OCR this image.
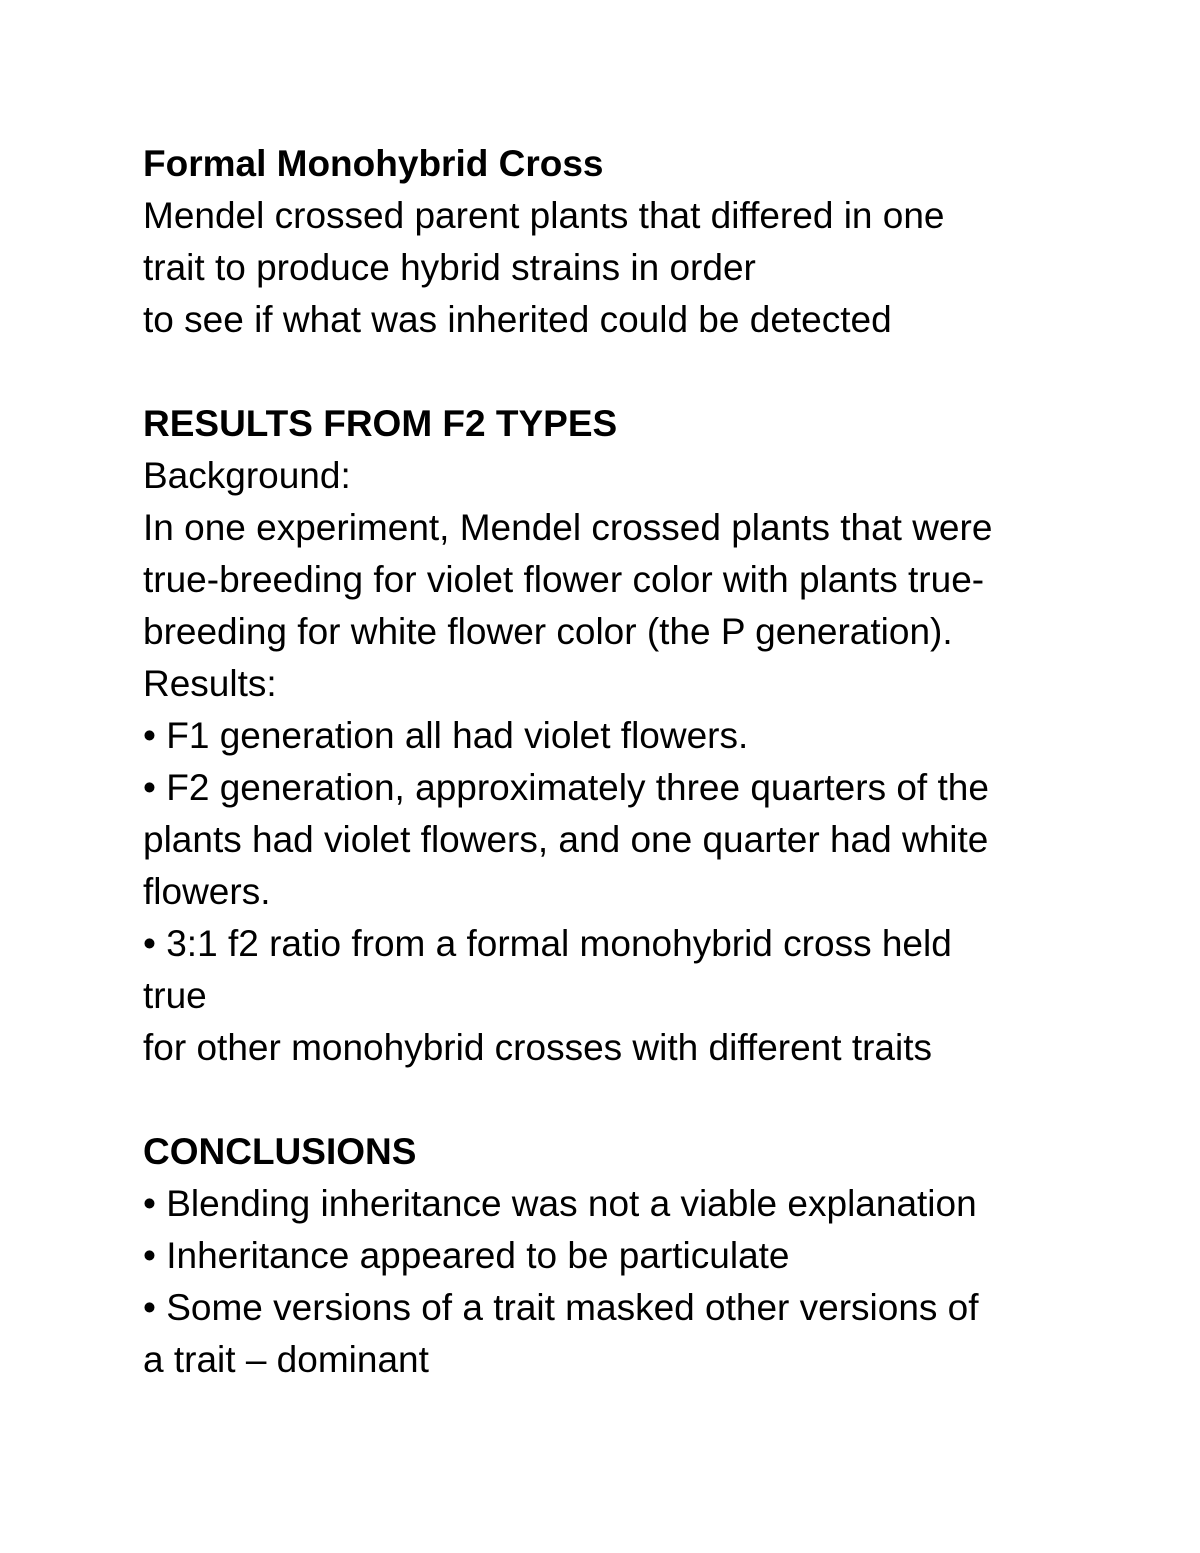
Formal Monohybrid Cross
Mendel crossed parent plants that differed in one
trait to produce hybrid strains in order
to see if what was inherited could be detected
RESULTS FROM F2 TYPES
Background:
In one experiment, Mendel crossed plants that were
true-breeding for violet flower color with plants true-
breeding for white flower color (the P generation).
Results:
• F1 generation all had violet flowers.
• F2 generation, approximately three quarters of the
plants had violet flowers, and one quarter had white
flowers.
• 3:1 f2 ratio from a formal monohybrid cross held
true
for other monohybrid crosses with different traits
CONCLUSIONS
• Blending inheritance was not a viable explanation
• Inheritance appeared to be particulate
• Some versions of a trait masked other versions of
a trait – dominant
